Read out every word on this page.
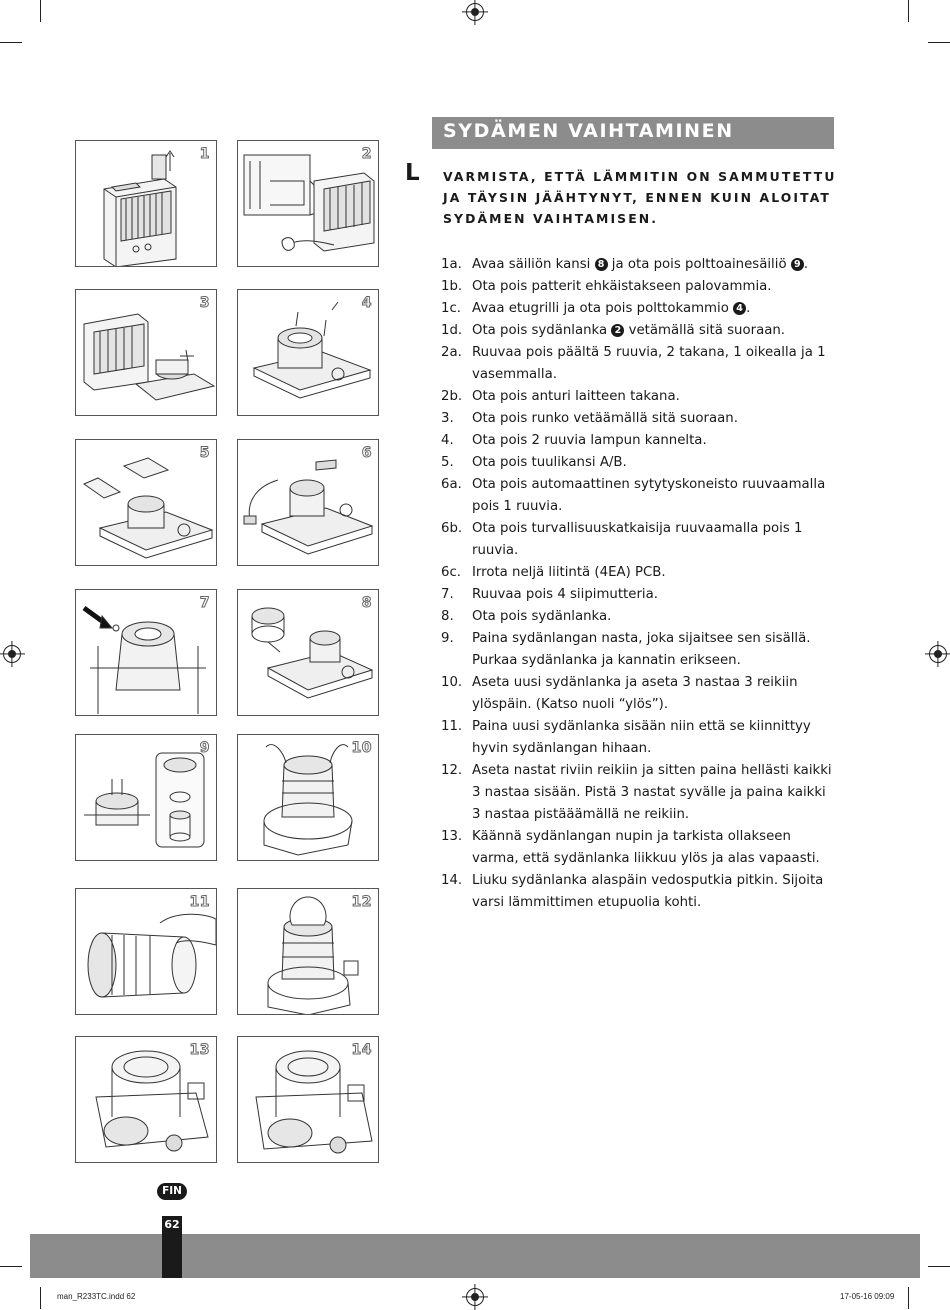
1	2
3	4
5	6
7	8
9	10
11	12
13	14
SYDÄMEN VAIHTAMINEN
L VARMISTA, ETTÄ LÄMMITIN ON SAMMUTETTU JA TÄYSIN JÄÄHTYNYT, ENNEN KUIN ALOITAT SYDÄMEN VAIHTAMISEN.
1a. Avaa säiliön kansi 8 ja ota pois polttoainesäiliö 9 .
1b. Ota pois patterit ehkäistakseen palovammia.
1c. Avaa etugrilli ja ota pois polttokammio 4 .
1d. Ota pois sydänlanka 2 vetämällä sitä suoraan.
2a. Ruuvaa pois päältä 5 ruuvia, 2 takana, 1 oikealla ja 1 vasemmalla.
2b. Ota pois anturi laitteen takana.
3.	Ota pois runko vetäämällä sitä suoraan.
4.	Ota pois 2 ruuvia lampun kannelta.
5.	Ota pois tuulikansi A/B.
6a. Ota pois automaattinen sytytyskoneisto ruuvaamalla pois 1 ruuvia.
6b. Ota pois turvallisuuskatkaisija ruuvaamalla pois 1 ruuvia.
6c. Irrota neljä liitintä (4EA) PCB.
7.	Ruuvaa pois 4 siipimutteria.
8.	Ota pois sydänlanka.
9.	Paina sydänlangan nasta, joka sijaitsee sen sisällä. Purkaa sydänlanka ja kannatin erikseen.
10. Aseta uusi sydänlanka ja aseta 3 nastaa 3 reikiin ylöspäin. (Katso nuoli “ylös”).
11. Paina uusi sydänlanka sisään niin että se kiinnittyy hyvin sydänlangan hihaan.
12. Aseta nastat riviin reikiin ja sitten paina hellästi kaikki 3 nastaa sisään. Pistä 3 nastat syvälle ja paina kaikki 3 nastaa pistääämällä ne reikiin.
13. Käännä sydänlangan nupin ja tarkista ollakseen varma, että sydänlanka liikkuu ylös ja alas vapaasti.
14. Liuku sydänlanka alaspäin vedosputkia pitkin. Sijoita varsi lämmittimen etupuolia kohti.
FIN
62
man_R233TC.indd 62	17-05-16 09:09
